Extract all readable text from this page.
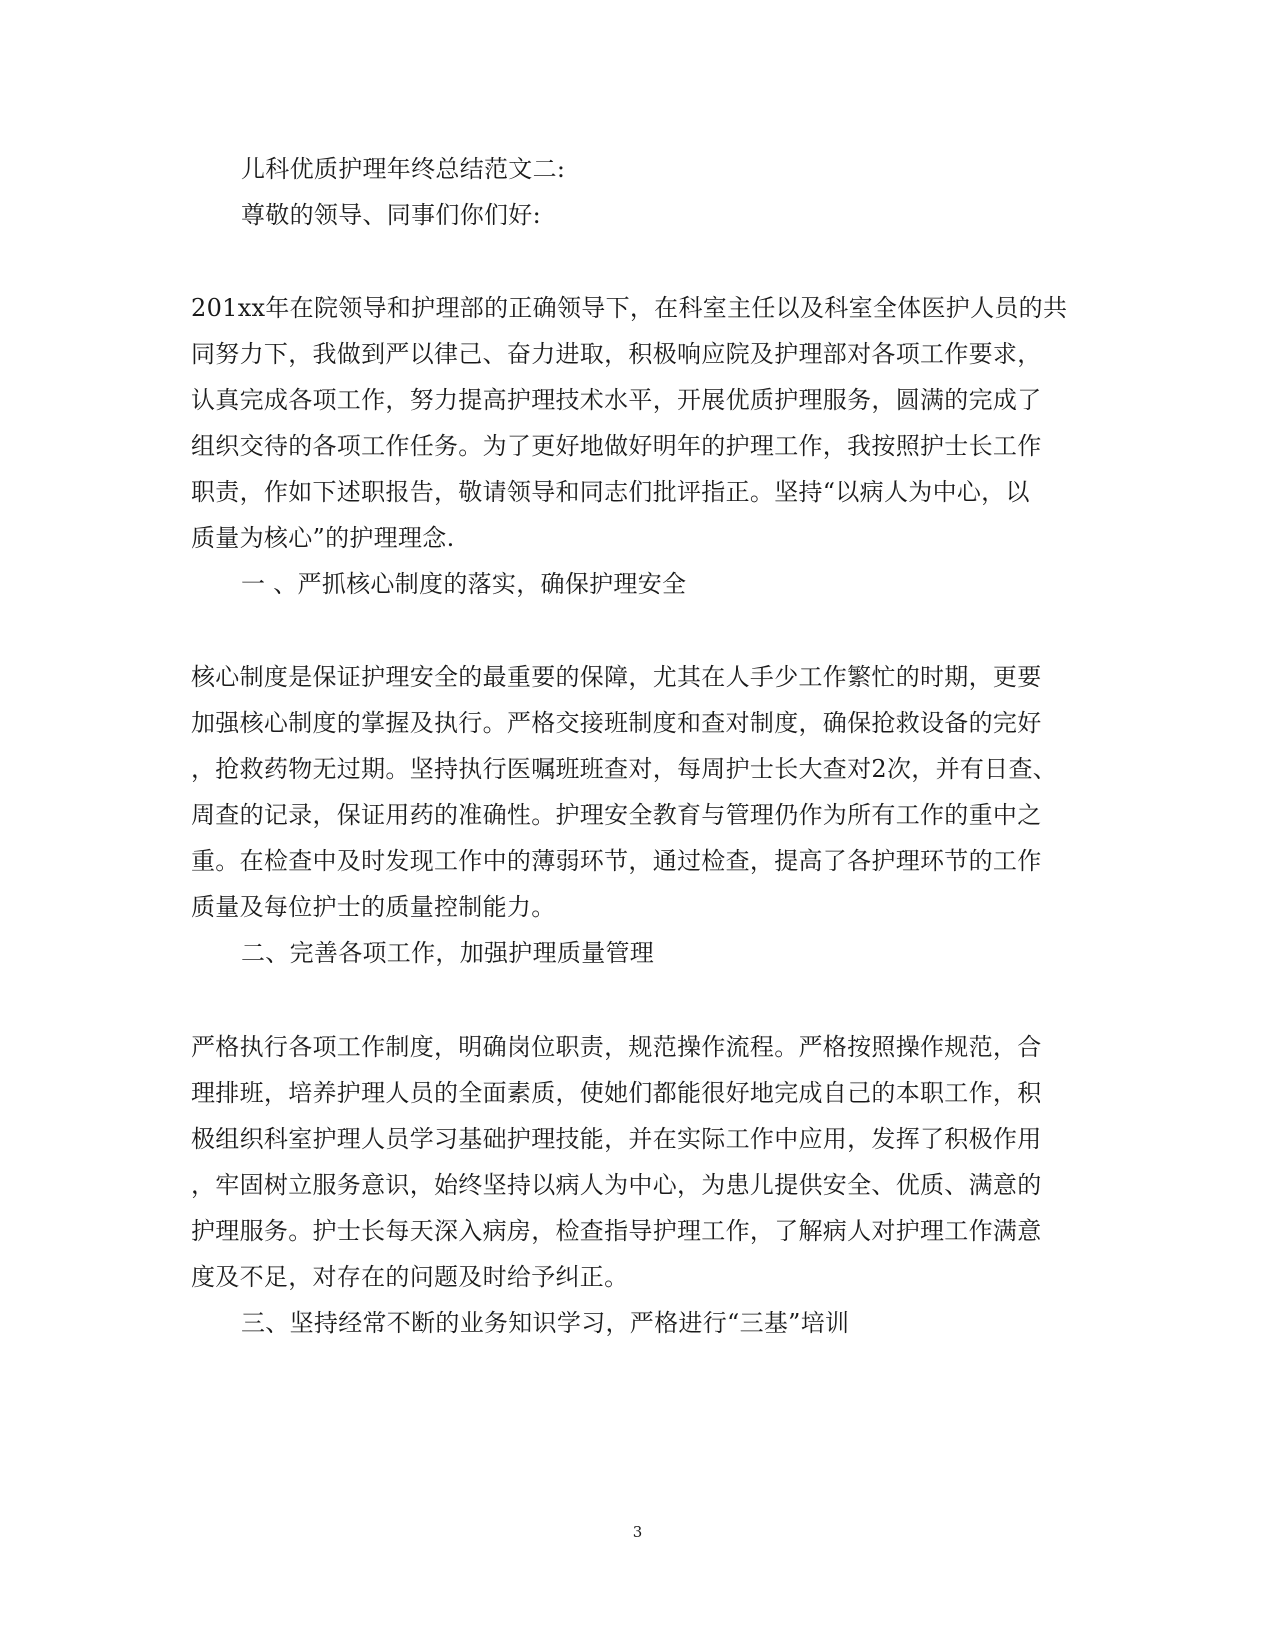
儿科优质护理年终总结范文二:
尊敬的领导、同事们你们好:
201xx年在院领导和护理部的正确领导下，在科室主任以及科室全体医护人员的共
同努力下，我做到严以律己、奋力进取，积极响应院及护理部对各项工作要求，
认真完成各项工作，努力提高护理技术水平，开展优质护理服务，圆满的完成了
组织交待的各项工作任务。为了更好地做好明年的护理工作，我按照护士长工作
职责，作如下述职报告，敬请领导和同志们批评指正。坚持“以病人为中心，以
质量为核心”的护理理念.
一 、严抓核心制度的落实，确保护理安全
核心制度是保证护理安全的最重要的保障，尤其在人手少工作繁忙的时期，更要
加强核心制度的掌握及执行。严格交接班制度和查对制度，确保抢救设备的完好
，抢救药物无过期。坚持执行医嘱班班查对，每周护士长大查对2次，并有日查、
周查的记录，保证用药的准确性。护理安全教育与管理仍作为所有工作的重中之
重。在检查中及时发现工作中的薄弱环节，通过检查，提高了各护理环节的工作
质量及每位护士的质量控制能力。
二、完善各项工作，加强护理质量管理
严格执行各项工作制度，明确岗位职责，规范操作流程。严格按照操作规范，合
理排班，培养护理人员的全面素质，使她们都能很好地完成自己的本职工作，积
极组织科室护理人员学习基础护理技能，并在实际工作中应用，发挥了积极作用
，牢固树立服务意识，始终坚持以病人为中心，为患儿提供安全、优质、满意的
护理服务。护士长每天深入病房，检查指导护理工作，了解病人对护理工作满意
度及不足，对存在的问题及时给予纠正。
三、坚持经常不断的业务知识学习，严格进行“三基”培训
3
